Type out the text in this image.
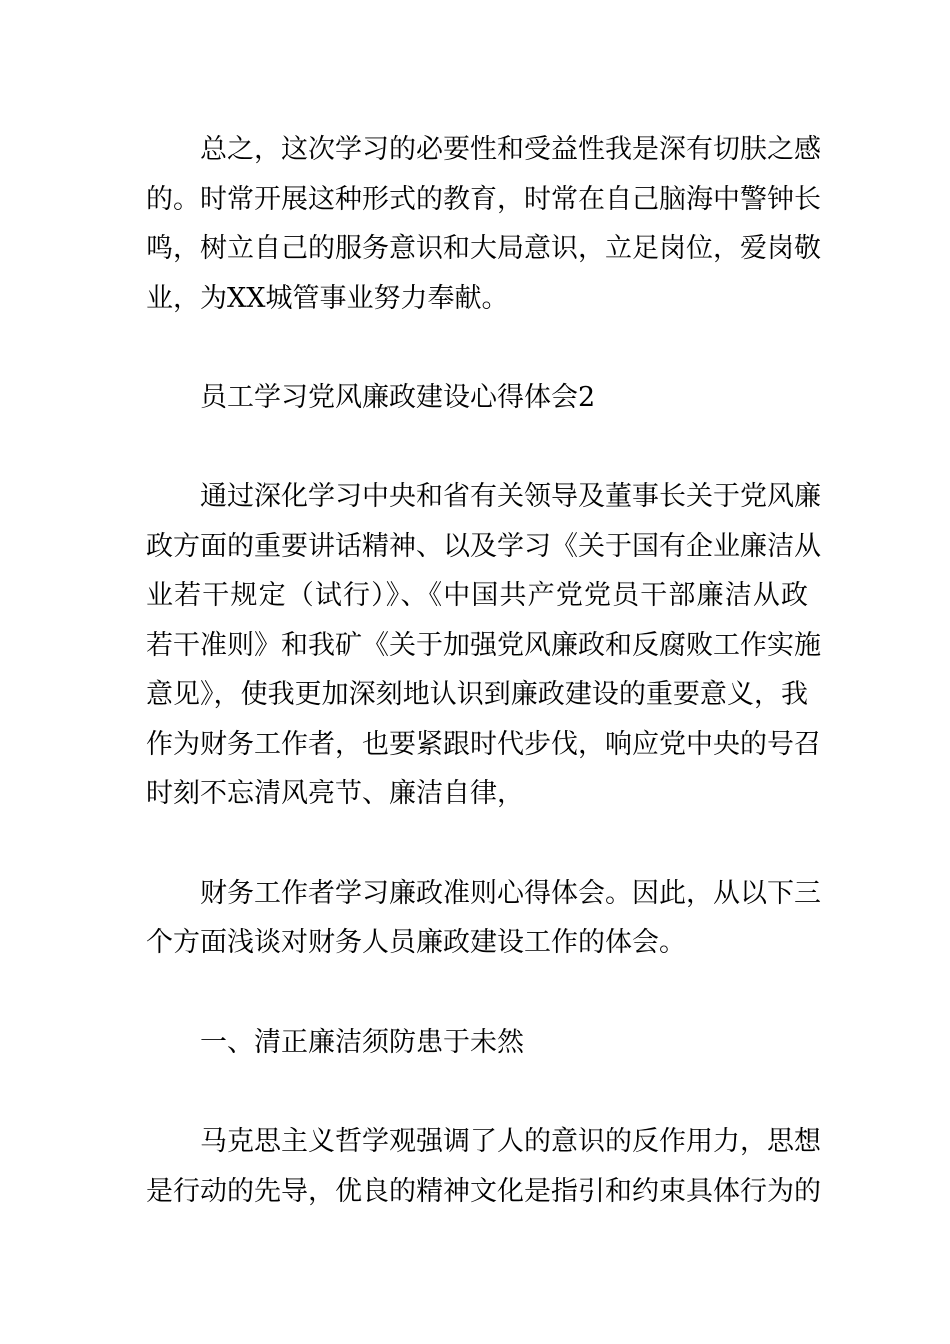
总之，这次学习的必要性和受益性我是深有切肤之感
的。时常开展这种形式的教育，时常在自己脑海中警钟长
鸣，树立自己的服务意识和大局意识，立足岗位，爱岗敬
业，为XX城管事业努力奉献。
员工学习党风廉政建设心得体会2
通过深化学习中央和省有关领导及董事长关于党风廉
政方面的重要讲话精神、以及学习《关于国有企业廉洁从
业若干规定（试行）》、《中国共产党党员干部廉洁从政
若干准则》和我矿《关于加强党风廉政和反腐败工作实施
意见》，使我更加深刻地认识到廉政建设的重要意义，我
作为财务工作者，也要紧跟时代步伐，响应党中央的号召
时刻不忘清风亮节、廉洁自律，
财务工作者学习廉政准则心得体会。因此，从以下三
个方面浅谈对财务人员廉政建设工作的体会。
一、清正廉洁须防患于未然
马克思主义哲学观强调了人的意识的反作用力，思想
是行动的先导，优良的精神文化是指引和约束具体行为的
